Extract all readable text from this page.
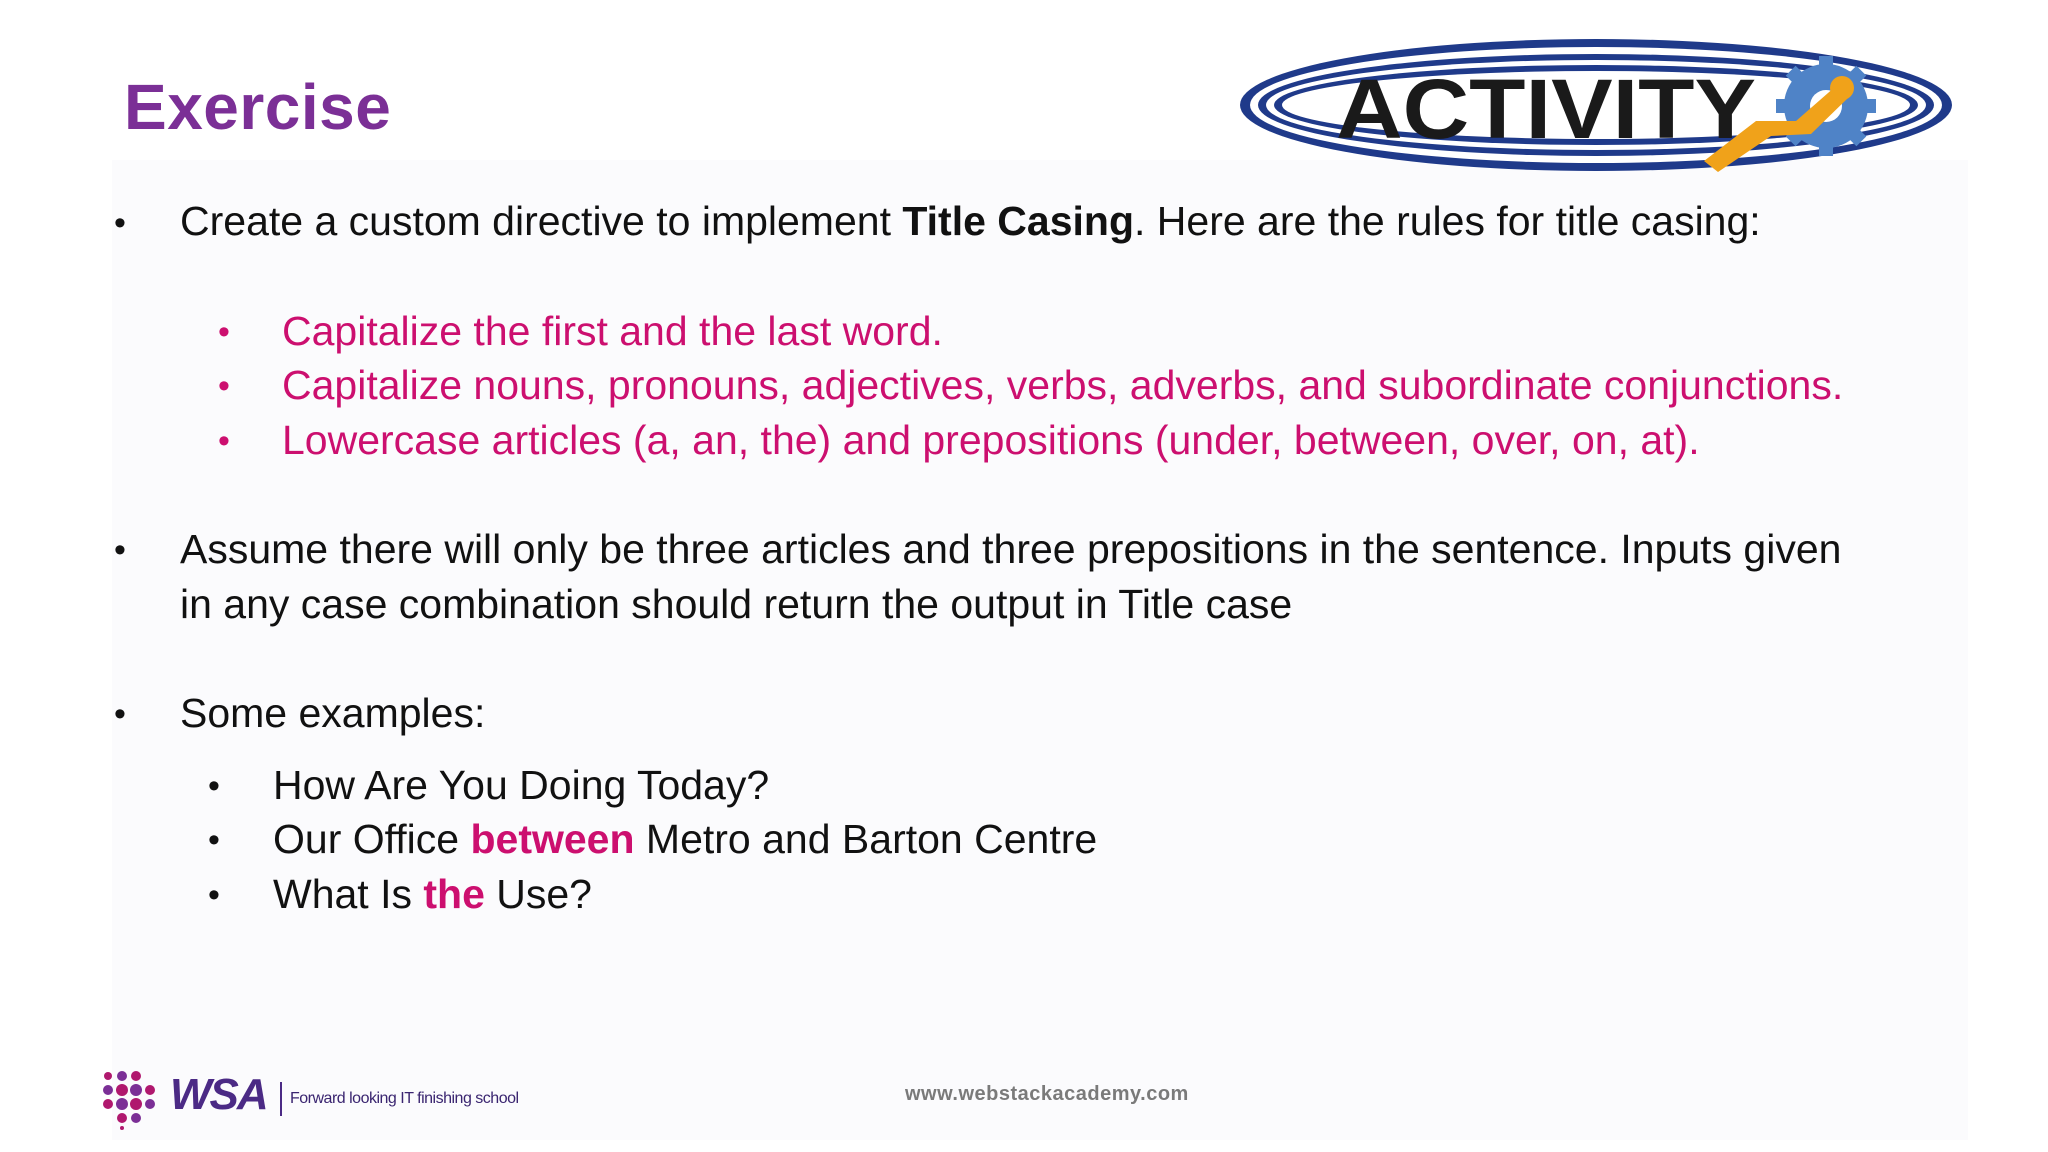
Exercise	ACTIVITY
• Create a custom directive to implement Title Casing. Here are the rules for title casing:
• Capitalize the first and the last word.
• Capitalize nouns, pronouns, adjectives, verbs, adverbs, and subordinate conjunctions.
• Lowercase articles (a, an, the) and prepositions (under, between, over, on, at).
• Assume there will only be three articles and three prepositions in the sentence. Inputs given
in any case combination should return the output in Title case
• Some examples:
• How Are You Doing Today?
• Our Office between Metro and Barton Centre
• What Is the Use?
WSA Forward looking IT finishing school	www.webstackacademy.com
